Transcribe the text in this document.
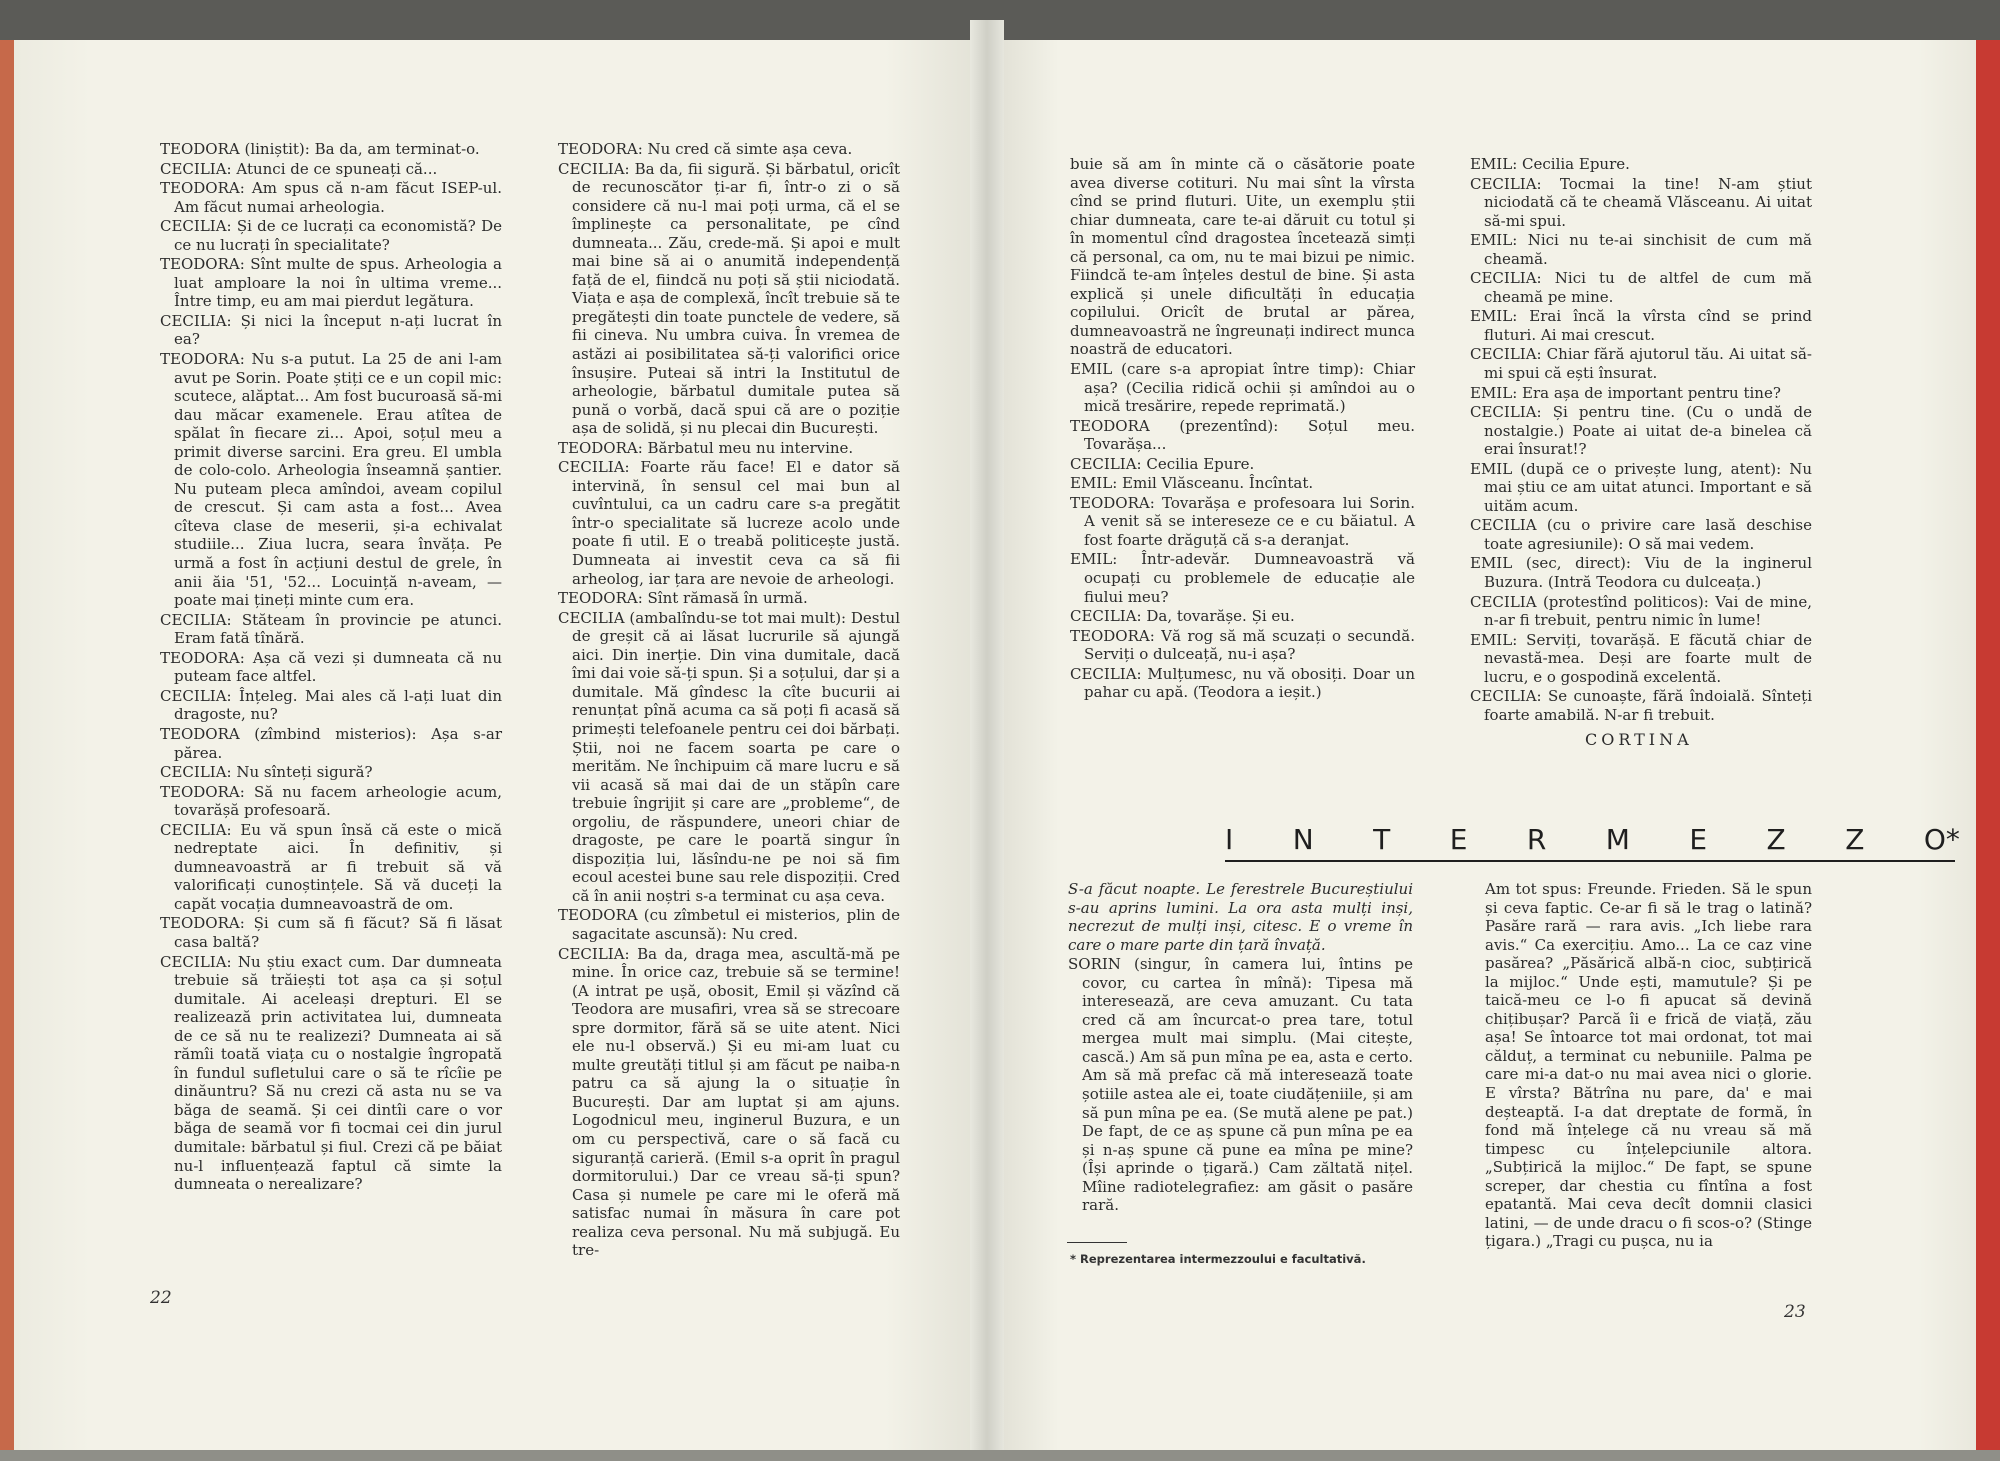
TEODORA (liniștit): Ba da, am terminat-o.

CECILIA: Atunci de ce spuneați că...

TEODORA: Am spus că n-am făcut ISEP-ul. Am făcut numai arheologia.

CECILIA: Și de ce lucrați ca economistă? De ce nu lucrați în specialitate?

TEODORA: Sînt multe de spus. Arheologia a luat amploare la noi în ultima vreme... Între timp, eu am mai pierdut legătura.

CECILIA: Și nici la început n-ați lucrat în ea?

TEODORA: Nu s-a putut. La 25 de ani l-am avut pe Sorin. Poate știți ce e un copil mic: scutece, alăptat... Am fost bucuroasă să-mi dau măcar examenele. Erau atîtea de spălat în fiecare zi... Apoi, soțul meu a primit diverse sarcini. Era greu. El umbla de colo-colo. Arheologia înseamnă șantier. Nu puteam pleca amîndoi, aveam copilul de crescut. Și cam asta a fost... Avea cîteva clase de meserii, și-a echivalat studiile... Ziua lucra, seara învăța. Pe urmă a fost în acțiuni destul de grele, în anii ăia '51, '52... Locuință n-aveam, — poate mai țineți minte cum era.

CECILIA: Stăteam în provincie pe atunci. Eram fată tînără.

TEODORA: Așa că vezi și dumneata că nu puteam face altfel.

CECILIA: Înțeleg. Mai ales că l-ați luat din dragoste, nu?

TEODORA (zîmbind misterios): Așa s-ar părea.

CECILIA: Nu sînteți sigură?

TEODORA: Să nu facem arheologie acum, tovarășă profesoară.

CECILIA: Eu vă spun însă că este o mică nedreptate aici. În definitiv, și dumneavoastră ar fi trebuit să vă valorificați cunoștințele. Să vă duceți la capăt vocația dumneavoastră de om.

TEODORA: Și cum să fi făcut? Să fi lăsat casa baltă?

CECILIA: Nu știu exact cum. Dar dumneata trebuie să trăiești tot așa ca și soțul dumitale. Ai aceleași drepturi. El se realizează prin activitatea lui, dumneata de ce să nu te realizezi? Dumneata ai să rămîi toată viața cu o nostalgie îngropată în fundul sufletului care o să te rîcîie pe dinăuntru? Să nu crezi că asta nu se va băga de seamă. Și cei dintîi care o vor băga de seamă vor fi tocmai cei din jurul dumitale: bărbatul și fiul. Crezi că pe băiat nu-l influențează faptul că simte la dumneata o nerealizare?

TEODORA: Nu cred că simte așa ceva.

CECILIA: Ba da, fii sigură. Și bărbatul, oricît de recunoscător ți-ar fi, într-o zi o să considere că nu-l mai poți urma, că el se împlinește ca personalitate, pe cînd dumneata... Zău, crede-mă. Și apoi e mult mai bine să ai o anumită independență față de el, fiindcă nu poți să știi niciodată. Viața e așa de complexă, încît trebuie să te pregătești din toate punctele de vedere, să fii cineva. Nu umbra cuiva. În vremea de astăzi ai posibilitatea să-ți valorifici orice însușire. Puteai să intri la Institutul de arheologie, bărbatul dumitale putea să pună o vorbă, dacă spui că are o poziție așa de solidă, și nu plecai din București.

TEODORA: Bărbatul meu nu intervine.

CECILIA: Foarte rău face! El e dator să intervină, în sensul cel mai bun al cuvîntului, ca un cadru care s-a pregătit într-o specialitate să lucreze acolo unde poate fi util. E o treabă politicește justă. Dumneata ai investit ceva ca să fii arheolog, iar țara are nevoie de arheologi.

TEODORA: Sînt rămasă în urmă.

CECILIA (ambalîndu-se tot mai mult): Destul de greșit că ai lăsat lucrurile să ajungă aici. Din inerție. Din vina dumitale, dacă îmi dai voie să-ți spun. Și a soțului, dar și a dumitale. Mă gîndesc la cîte bucurii ai renunțat pînă acuma ca să poți fi acasă să primești telefoanele pentru cei doi bărbați. Știi, noi ne facem soarta pe care o merităm. Ne închipuim că mare lucru e să vii acasă să mai dai de un stăpîn care trebuie îngrijit și care are „probleme“, de orgoliu, de răspundere, uneori chiar de dragoste, pe care le poartă singur în dispoziția lui, lăsîndu-ne pe noi să fim ecoul acestei bune sau rele dispoziții. Cred că în anii noștri s-a terminat cu așa ceva.

TEODORA (cu zîmbetul ei misterios, plin de sagacitate ascunsă): Nu cred.

CECILIA: Ba da, draga mea, ascultă-mă pe mine. În orice caz, trebuie să se termine! (A intrat pe ușă, obosit, Emil și văzînd că Teodora are musafiri, vrea să se strecoare spre dormitor, fără să se uite atent. Nici ele nu-l observă.) Și eu mi-am luat cu multe greutăți titlul și am făcut pe naiba-n patru ca să ajung la o situație în București. Dar am luptat și am ajuns. Logodnicul meu, inginerul Buzura, e un om cu perspectivă, care o să facă cu siguranță carieră. (Emil s-a oprit în pragul dormitorului.) Dar ce vreau să-ți spun? Casa și numele pe care mi le oferă mă satisfac numai în măsura în care pot realiza ceva personal. Nu mă subjugă. Eu tre-

22

buie să am în minte că o căsătorie poate avea diverse cotituri. Nu mai sînt la vîrsta cînd se prind fluturi. Uite, un exemplu știi chiar dumneata, care te-ai dăruit cu totul și în momentul cînd dragostea încetează simți că personal, ca om, nu te mai bizui pe nimic. Fiindcă te-am înțeles destul de bine. Și asta explică și unele dificultăți în educația copilului. Oricît de brutal ar părea, dumneavoastră ne îngreunați indirect munca noastră de educatori.

EMIL (care s-a apropiat între timp): Chiar așa? (Cecilia ridică ochii și amîndoi au o mică tresărire, repede reprimată.)

TEODORA (prezentînd): Soțul meu. Tovarășa...

CECILIA: Cecilia Epure.

EMIL: Emil Vlăsceanu. Încîntat.

TEODORA: Tovarășa e profesoara lui Sorin. A venit să se intereseze ce e cu băiatul. A fost foarte drăguță că s-a deranjat.

EMIL: Într-adevăr. Dumneavoastră vă ocupați cu problemele de educație ale fiului meu?

CECILIA: Da, tovarășe. Și eu.

TEODORA: Vă rog să mă scuzați o secundă. Serviți o dulceață, nu-i așa?

CECILIA: Mulțumesc, nu vă obosiți. Doar un pahar cu apă. (Teodora a ieșit.)

EMIL: Cecilia Epure.

CECILIA: Tocmai la tine! N-am știut niciodată că te cheamă Vlăsceanu. Ai uitat să-mi spui.

EMIL: Nici nu te-ai sinchisit de cum mă cheamă.

CECILIA: Nici tu de altfel de cum mă cheamă pe mine.

EMIL: Erai încă la vîrsta cînd se prind fluturi. Ai mai crescut.

CECILIA: Chiar fără ajutorul tău. Ai uitat să-mi spui că ești însurat.

EMIL: Era așa de important pentru tine?

CECILIA: Și pentru tine. (Cu o undă de nostalgie.) Poate ai uitat de-a binelea că erai însurat!?

EMIL (după ce o privește lung, atent): Nu mai știu ce am uitat atunci. Important e să uităm acum.

CECILIA (cu o privire care lasă deschise toate agresiunile): O să mai vedem.

EMIL (sec, direct): Viu de la inginerul Buzura. (Intră Teodora cu dulceața.)

CECILIA (protestînd politicos): Vai de mine, n-ar fi trebuit, pentru nimic în lume!

EMIL: Serviți, tovarășă. E făcută chiar de nevastă-mea. Deși are foarte mult de lucru, e o gospodină excelentă.

CECILIA: Se cunoaște, fără îndoială. Sînteți foarte amabilă. N-ar fi trebuit.

CORTINA
I N T E R M E Z Z O*

S-a făcut noapte. Le ferestrele Bucureștiului s-au aprins lumini. La ora asta mulți inși, necrezut de mulți inși, citesc. E o vreme în care o mare parte din țară învață.

SORIN (singur, în camera lui, întins pe covor, cu cartea în mînă): Tipesa mă interesează, are ceva amuzant. Cu tata cred că am încurcat-o prea tare, totul mergea mult mai simplu. (Mai citește, cască.) Am să pun mîna pe ea, asta e certo. Am să mă prefac că mă interesează toate șotiile astea ale ei, toate ciudățeniile, și am să pun mîna pe ea. (Se mută alene pe pat.) De fapt, de ce aș spune că pun mîna pe ea și n-aș spune că pune ea mîna pe mine? (Își aprinde o țigară.) Cam zăltată nițel. Mîine radiotelegrafiez: am găsit o pasăre rară.

Am tot spus: Freunde. Frieden. Să le spun și ceva faptic. Ce-ar fi să le trag o latină? Pasăre rară — rara avis. „Ich liebe rara avis.“ Ca exercițiu. Amo... La ce caz vine pasărea? „Păsărică albă-n cioc, subțirică la mijloc.“ Unde ești, mamutule? Și pe taică-meu ce l-o fi apucat să devină chițibușar? Parcă îi e frică de viață, zău așa! Se întoarce tot mai ordonat, tot mai călduț, a terminat cu nebuniile. Palma pe care mi-a dat-o nu mai avea nici o glorie. E vîrsta? Bătrîna nu pare, da' e mai deșteaptă. I-a dat dreptate de formă, în fond mă înțelege că nu vreau să mă timpesc cu înțelepciunile altora. „Subțirică la mijloc.“ De fapt, se spune screper, dar chestia cu fîntîna a fost epatantă. Mai ceva decît domnii clasici latini, — de unde dracu o fi scos-o? (Stinge țigara.) „Tragi cu pușca, nu ia

* Reprezentarea intermezzoului e facultativă.
23
